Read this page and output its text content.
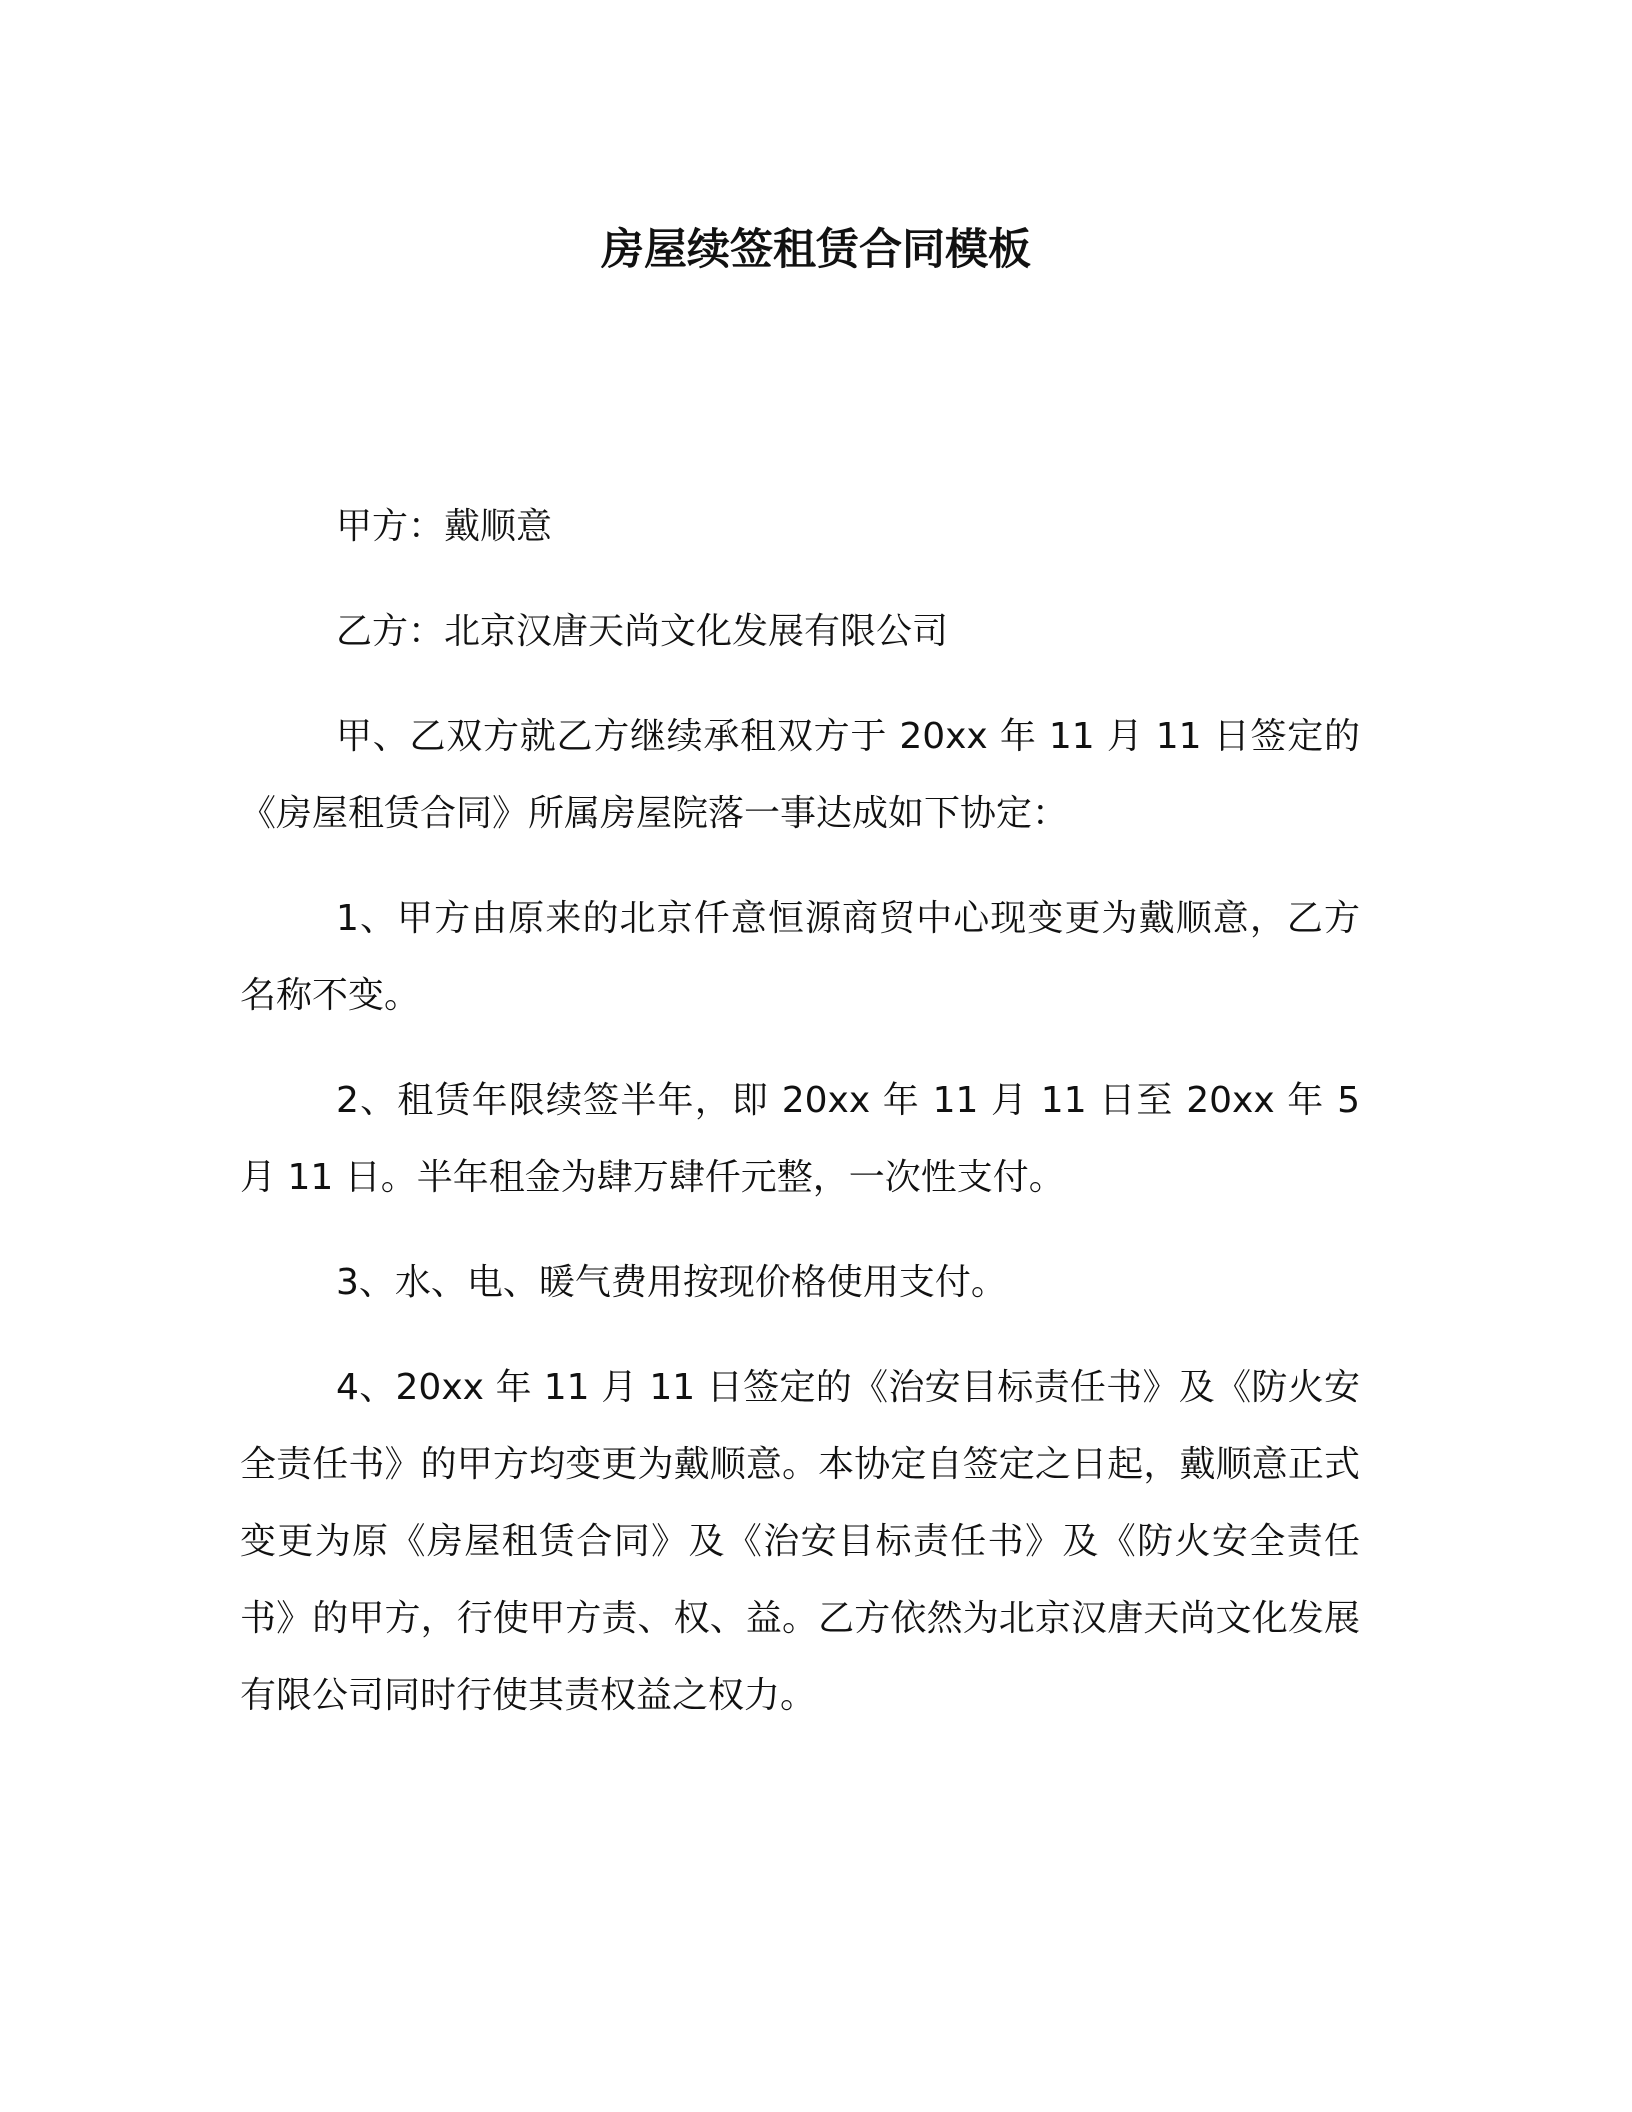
房屋续签租赁合同模板

甲方：戴顺意

乙方：北京汉唐天尚文化发展有限公司

甲、乙双方就乙方继续承租双方于 20xx 年 11 月 11 日签定的《房屋租赁合同》所属房屋院落一事达成如下协定：

1、甲方由原来的北京仟意恒源商贸中心现变更为戴顺意，乙方名称不变。

2、租赁年限续签半年，即 20xx 年 11 月 11 日至 20xx 年 5 月 11 日。半年租金为肆万肆仟元整，一次性支付。

3、水、电、暖气费用按现价格使用支付。

4、20xx 年 11 月 11 日签定的《治安目标责任书》及《防火安全责任书》的甲方均变更为戴顺意。本协定自签定之日起，戴顺意正式变更为原《房屋租赁合同》及《治安目标责任书》及《防火安全责任书》的甲方，行使甲方责、权、益。乙方依然为北京汉唐天尚文化发展有限公司同时行使其责权益之权力。
